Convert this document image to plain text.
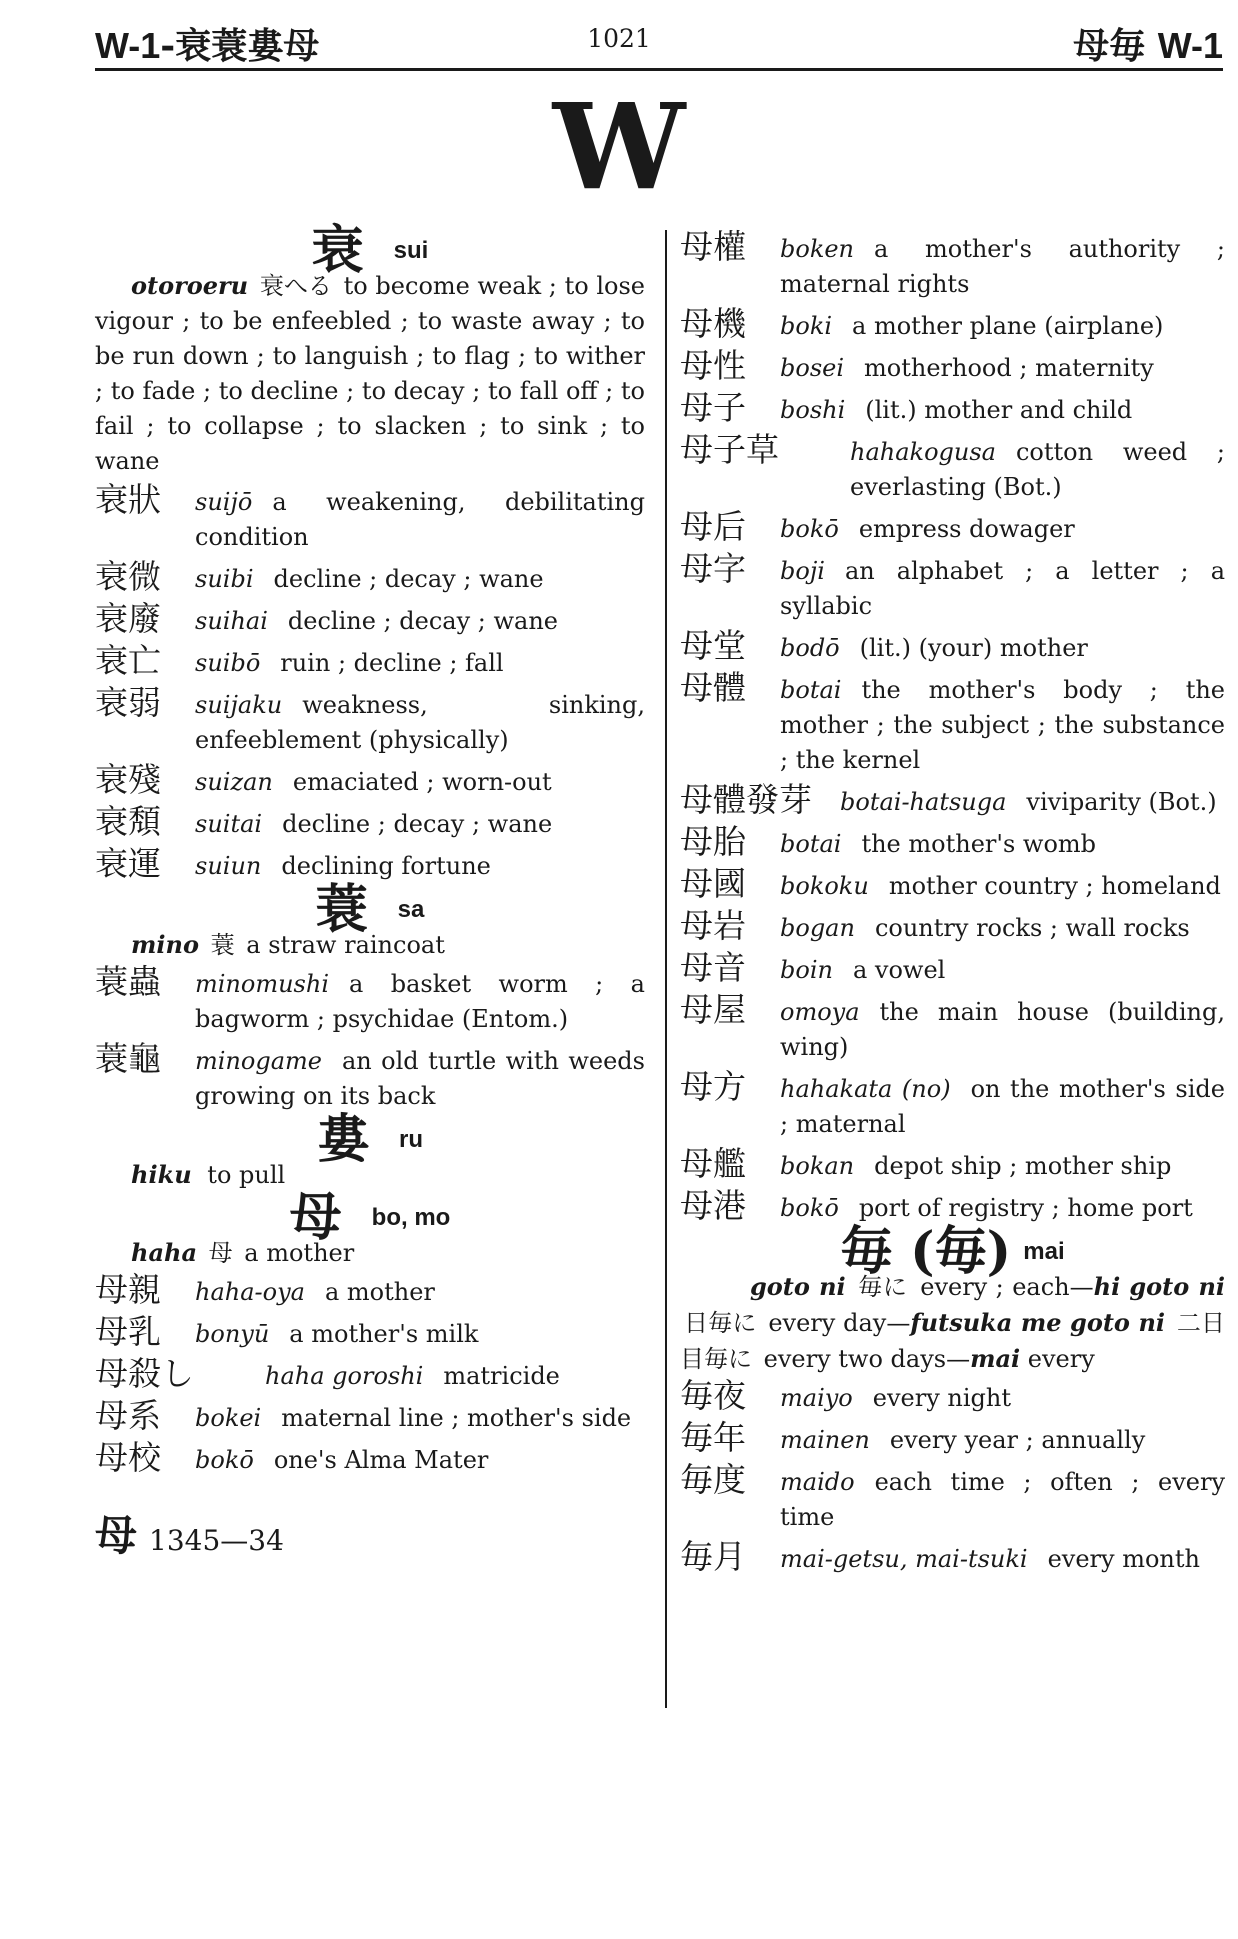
W-1-衰蓑婁母	1021	母毎 W-1
W
衰 sui
otoroeru 衰へる to become weak ; to lose vigour ; to be enfeebled ; to waste away ; to be run down ; to languish ; to flag ; to wither ; to fade ; to decline ; to decay ; to fall off ; to fail ; to collapse ; to slacken ; to sink ; to wane
衰狀 suijō a weakening, debilitating condition
衰微 suibi decline ; decay ; wane
衰廢 suihai decline ; decay ; wane
衰亡 suibō ruin ; decline ; fall
衰弱 suijaku weakness, sinking, enfeeblement (physically)
衰殘 suizan emaciated ; worn-out
衰頽 suitai decline ; decay ; wane
衰運 suiun declining fortune
蓑 sa
mino 蓑 a straw raincoat
蓑蟲 minomushi a basket worm ; a bagworm ; psychidae (Entom.)
蓑龜 minogame an old turtle with weeds growing on its back
婁 ru
hiku to pull
母 bo, mo
haha 母 a mother
母親 haha-oya a mother
母乳 bonyū a mother's milk
母殺し	haha goroshi matricide
母系 bokei maternal line ; mother's side
母校 bokō one's Alma Mater
母 1345—34
母權 boken a mother's authority ; maternal rights
母機 boki a mother plane (airplane)
母性 bosei motherhood ; maternity
母子 boshi (lit.) mother and child
母子草	hahakogusa cotton weed ; everlasting (Bot.)
母后 bokō empress dowager
母字 boji an alphabet ; a letter ; a syllabic
母堂 bodō (lit.) (your) mother
母體 botai the mother's body ; the mother ; the subject ; the substance ; the kernel
母體發芽 botai-hatsuga viviparity (Bot.)
母胎 botai the mother's womb
母國 bokoku mother country ; homeland
母岩 bogan country rocks ; wall rocks
母音 boin a vowel
母屋 omoya the main house (building, wing)
母方 hahakata (no) on the mother's side ; maternal
母艦 bokan depot ship ; mother ship
母港 bokō port of registry ; home port
毎 (毎) mai
goto ni 毎に every ; each—hi goto ni 日毎に every day—futsuka me goto ni 二日目毎に every two days—mai every
毎夜 maiyo every night
毎年 mainen every year ; annually
毎度 maido each time ; often ; every time
毎月 mai-getsu, mai-tsuki every month
